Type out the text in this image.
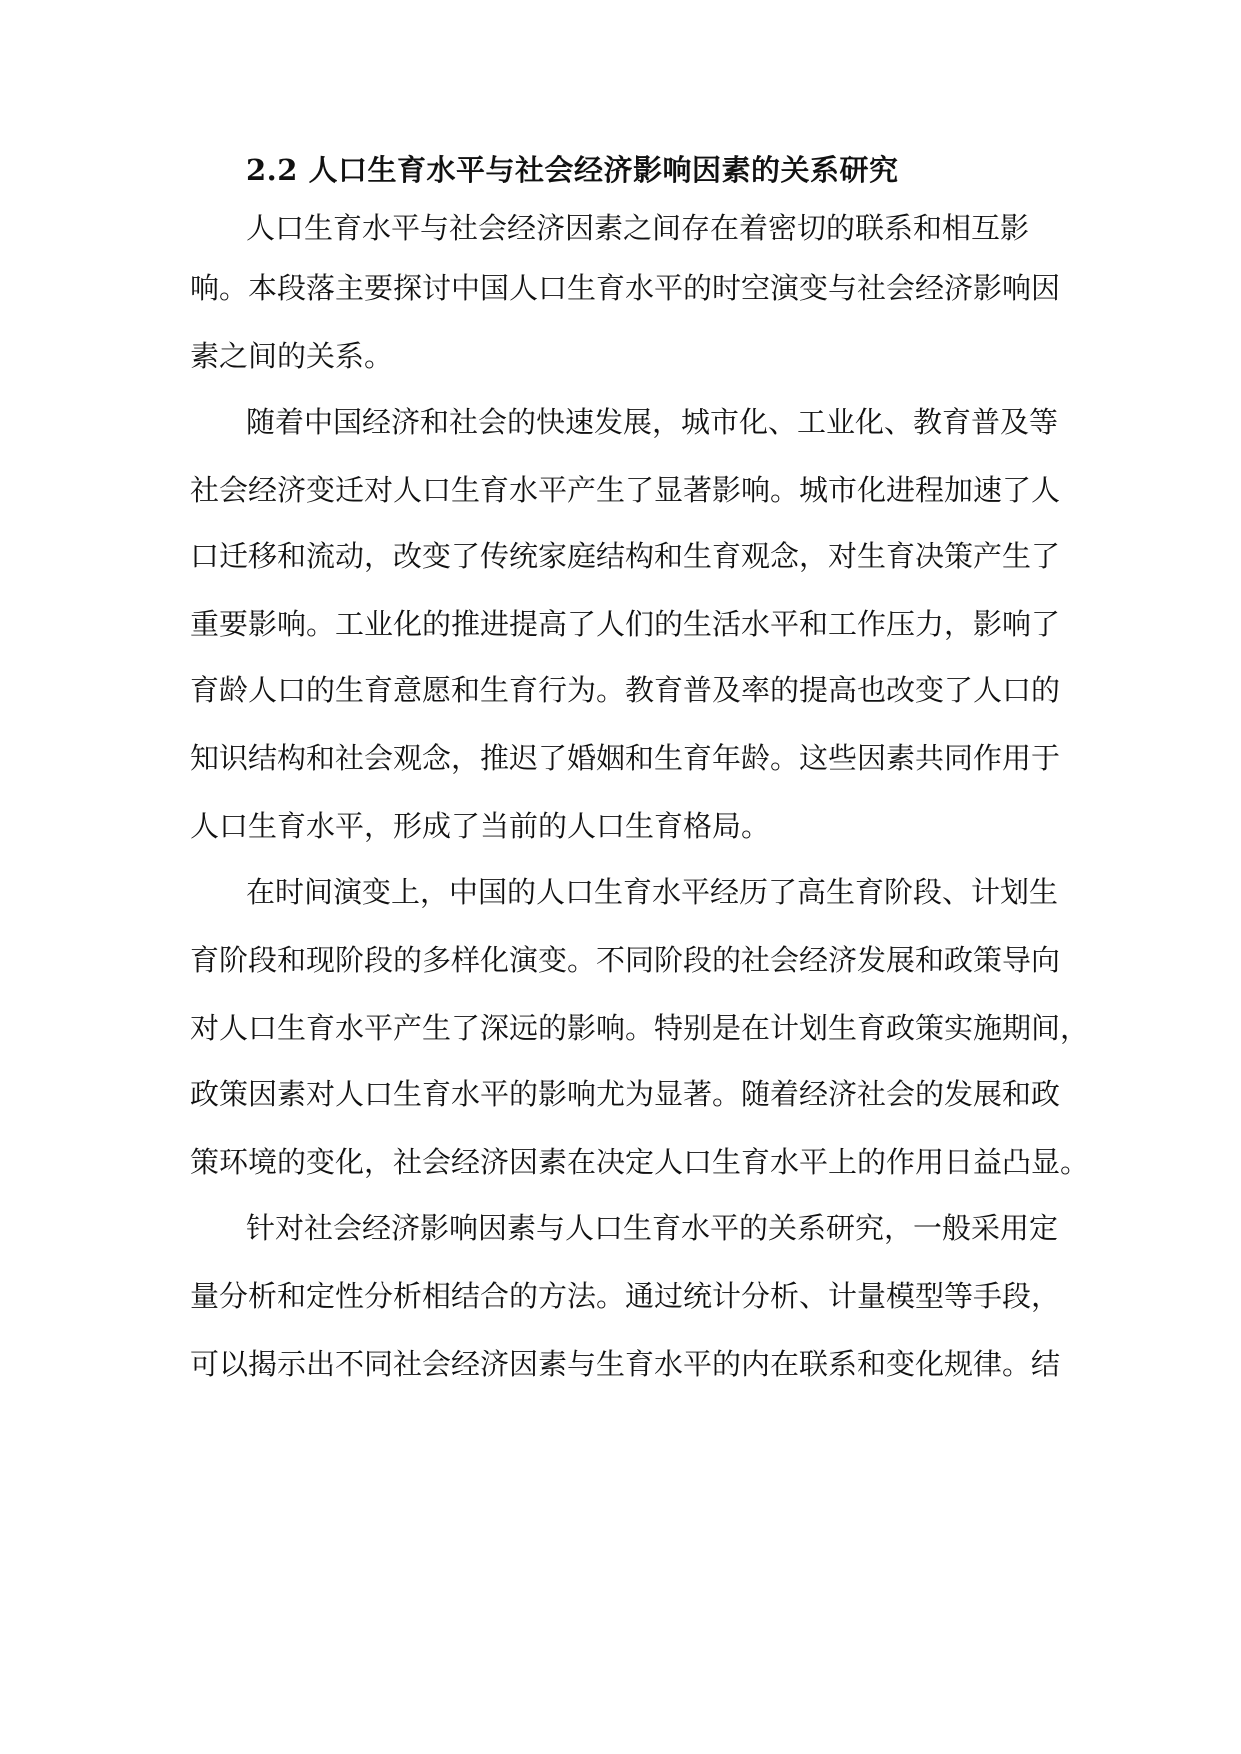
2.2 人口生育水平与社会经济影响因素的关系研究

人口生育水平与社会经济因素之间存在着密切的联系和相互影

响。本段落主要探讨中国人口生育水平的时空演变与社会经济影响因

素之间的关系。

随着中国经济和社会的快速发展，城市化、工业化、教育普及等

社会经济变迁对人口生育水平产生了显著影响。城市化进程加速了人

口迁移和流动，改变了传统家庭结构和生育观念，对生育决策产生了

重要影响。工业化的推进提高了人们的生活水平和工作压力，影响了

育龄人口的生育意愿和生育行为。教育普及率的提高也改变了人口的

知识结构和社会观念，推迟了婚姻和生育年龄。这些因素共同作用于

人口生育水平，形成了当前的人口生育格局。

在时间演变上，中国的人口生育水平经历了高生育阶段、计划生

育阶段和现阶段的多样化演变。不同阶段的社会经济发展和政策导向

对人口生育水平产生了深远的影响。特别是在计划生育政策实施期间，

政策因素对人口生育水平的影响尤为显著。随着经济社会的发展和政

策环境的变化，社会经济因素在决定人口生育水平上的作用日益凸显。

针对社会经济影响因素与人口生育水平的关系研究，一般采用定

量分析和定性分析相结合的方法。通过统计分析、计量模型等手段，

可以揭示出不同社会经济因素与生育水平的内在联系和变化规律。结
